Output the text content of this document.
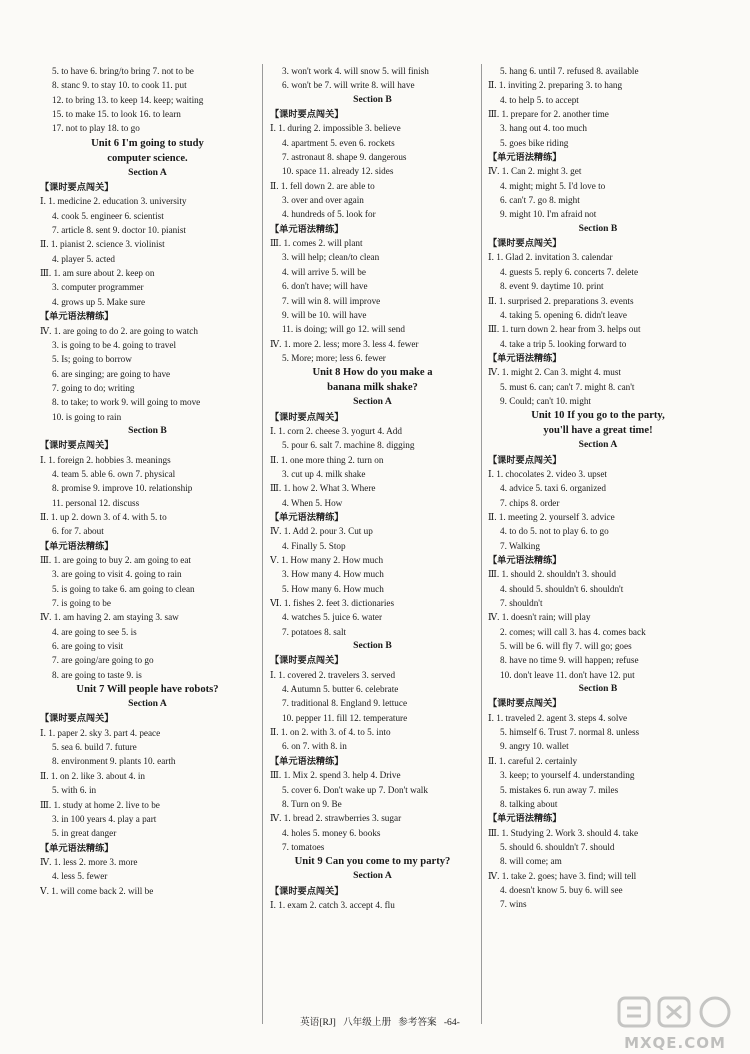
5. to have 6. bring/to bring 7. not to be
8. stanc 9. to stay 10. to cook 11. put
12. to bring 13. to keep 14. keep; waiting
15. to make 15. to look 16. to learn
17. not to play 18. to go
Unit 6 I'm going to study
computer science.
Section A
【课时要点闯关】
Ⅰ. 1. medicine 2. education 3. university
4. cook 5. engineer 6. scientist
7. article 8. sent 9. doctor 10. pianist
Ⅱ. 1. pianist 2. science 3. violinist
4. player 5. acted
Ⅲ. 1. am sure about 2. keep on
3. computer programmer
4. grows up 5. Make sure
【单元语法精练】
Ⅳ. 1. are going to do 2. are going to watch
3. is going to be 4. going to travel
5. Is; going to borrow
6. are singing; are going to have
7. going to do; writing
8. to take; to work 9. will going to move
10. is going to rain
Section B
【课时要点闯关】
Ⅰ. 1. foreign 2. hobbies 3. meanings
4. team 5. able 6. own 7. physical
8. promise 9. improve 10. relationship
11. personal 12. discuss
Ⅱ. 1. up 2. down 3. of 4. with 5. to
6. for 7. about
【单元语法精练】
Ⅲ. 1. are going to buy 2. am going to eat
3. are going to visit 4. going to rain
5. is going to take 6. am going to clean
7. is going to be
Ⅳ. 1. am having 2. am staying 3. saw
4. are going to see 5. is
6. are going to visit
7. are going/are going to go
8. are going to taste 9. is
Unit 7 Will people have robots?
Section A
【课时要点闯关】
Ⅰ. 1. paper 2. sky 3. part 4. peace
5. sea 6. build 7. future
8. environment 9. plants 10. earth
Ⅱ. 1. on 2. like 3. about 4. in
5. with 6. in
Ⅲ. 1. study at home 2. live to be
3. in 100 years 4. play a part
5. in great danger
【单元语法精练】
Ⅳ. 1. less 2. more 3. more
4. less 5. fewer
Ⅴ. 1. will come back 2. will be
3. won't work 4. will snow 5. will finish
6. won't be 7. will write 8. will have
Section B
【课时要点闯关】
Ⅰ. 1. during 2. impossible 3. believe
4. apartment 5. even 6. rockets
7. astronaut 8. shape 9. dangerous
10. space 11. already 12. sides
Ⅱ. 1. fell down 2. are able to
3. over and over again
4. hundreds of 5. look for
【单元语法精练】
Ⅲ. 1. comes 2. will plant
3. will help; clean/to clean
4. will arrive 5. will be
6. don't have; will have
7. will win 8. will improve
9. will be 10. will have
11. is doing; will go 12. will send
Ⅳ. 1. more 2. less; more 3. less 4. fewer
5. More; more; less 6. fewer
Unit 8 How do you make a
banana milk shake?
Section A
【课时要点闯关】
Ⅰ. 1. corn 2. cheese 3. yogurt 4. Add
5. pour 6. salt 7. machine 8. digging
Ⅱ. 1. one more thing 2. turn on
3. cut up 4. milk shake
Ⅲ. 1. how 2. What 3. Where
4. When 5. How
【单元语法精练】
Ⅳ. 1. Add 2. pour 3. Cut up
4. Finally 5. Stop
Ⅴ. 1. How many 2. How much
3. How many 4. How much
5. How many 6. How much
Ⅵ. 1. fishes 2. feet 3. dictionaries
4. watches 5. juice 6. water
7. potatoes 8. salt
Section B
【课时要点闯关】
Ⅰ. 1. covered 2. travelers 3. served
4. Autumn 5. butter 6. celebrate
7. traditional 8. England 9. lettuce
10. pepper 11. fill 12. temperature
Ⅱ. 1. on 2. with 3. of 4. to 5. into
6. on 7. with 8. in
【单元语法精练】
Ⅲ. 1. Mix 2. spend 3. help 4. Drive
5. cover 6. Don't wake up 7. Don't walk
8. Turn on 9. Be
Ⅳ. 1. bread 2. strawberries 3. sugar
4. holes 5. money 6. books
7. tomatoes
Unit 9 Can you come to my party?
Section A
【课时要点闯关】
Ⅰ. 1. exam 2. catch 3. accept 4. flu
5. hang 6. until 7. refused 8. available
Ⅱ. 1. inviting 2. preparing 3. to hang
4. to help 5. to accept
Ⅲ. 1. prepare for 2. another time
3. hang out 4. too much
5. goes bike riding
【单元语法精练】
Ⅳ. 1. Can 2. might 3. get
4. might; might 5. I'd love to
6. can't 7. go 8. might
9. might 10. I'm afraid not
Section B
【课时要点闯关】
Ⅰ. 1. Glad 2. invitation 3. calendar
4. guests 5. reply 6. concerts 7. delete
8. event 9. daytime 10. print
Ⅱ. 1. surprised 2. preparations 3. events
4. taking 5. opening 6. didn't leave
Ⅲ. 1. turn down 2. hear from 3. helps out
4. take a trip 5. looking forward to
【单元语法精练】
Ⅳ. 1. might 2. Can 3. might 4. must
5. must 6. can; can't 7. might 8. can't
9. Could; can't 10. might
Unit 10 If you go to the party,
you'll have a great time!
Section A
【课时要点闯关】
Ⅰ. 1. chocolates 2. video 3. upset
4. advice 5. taxi 6. organized
7. chips 8. order
Ⅱ. 1. meeting 2. yourself 3. advice
4. to do 5. not to play 6. to go
7. Walking
【单元语法精练】
Ⅲ. 1. should 2. shouldn't 3. should
4. should 5. shouldn't 6. shouldn't
7. shouldn't
Ⅳ. 1. doesn't rain; will play
2. comes; will call 3. has 4. comes back
5. will be 6. will fly 7. will go; goes
8. have no time 9. will happen; refuse
10. don't leave 11. don't have 12. put
Section B
【课时要点闯关】
Ⅰ. 1. traveled 2. agent 3. steps 4. solve
5. himself 6. Trust 7. normal 8. unless
9. angry 10. wallet
Ⅱ. 1. careful 2. certainly
3. keep; to yourself 4. understanding
5. mistakes 6. run away 7. miles
8. talking about
【单元语法精练】
Ⅲ. 1. Studying 2. Work 3. should 4. take
5. should 6. shouldn't 7. should
8. will come; am
Ⅳ. 1. take 2. goes; have 3. find; will tell
4. doesn't know 5. buy 6. will see
7. wins
英语[RJ] 八年级上册 参考答案 -64-
MXQE.COM
